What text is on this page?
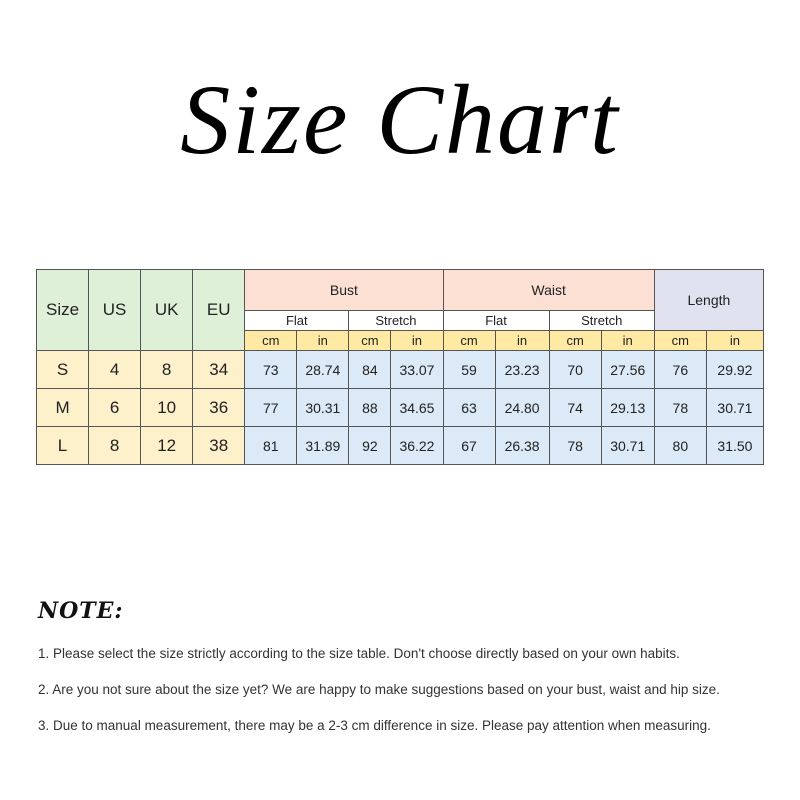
Size Chart
Size	US	UK	EU	Bust				Waist				Length	
				Flat		Stretch		Flat		Stretch			
				cm	in	cm	in	cm	in	cm	in	cm	in
S	4	8	34	73	28.74	84	33.07	59	23.23	70	27.56	76	29.92
M	6	10	36	77	30.31	88	34.65	63	24.80	74	29.13	78	30.71
L	8	12	38	81	31.89	92	36.22	67	26.38	78	30.71	80	31.50
NOTE:
1. Please select the size strictly according to the size table. Don't choose directly based on your own habits.
2. Are you not sure about the size yet? We are happy to make suggestions based on your bust, waist and hip size.
3. Due to manual measurement, there may be a 2-3 cm difference in size. Please pay attention when measuring.
